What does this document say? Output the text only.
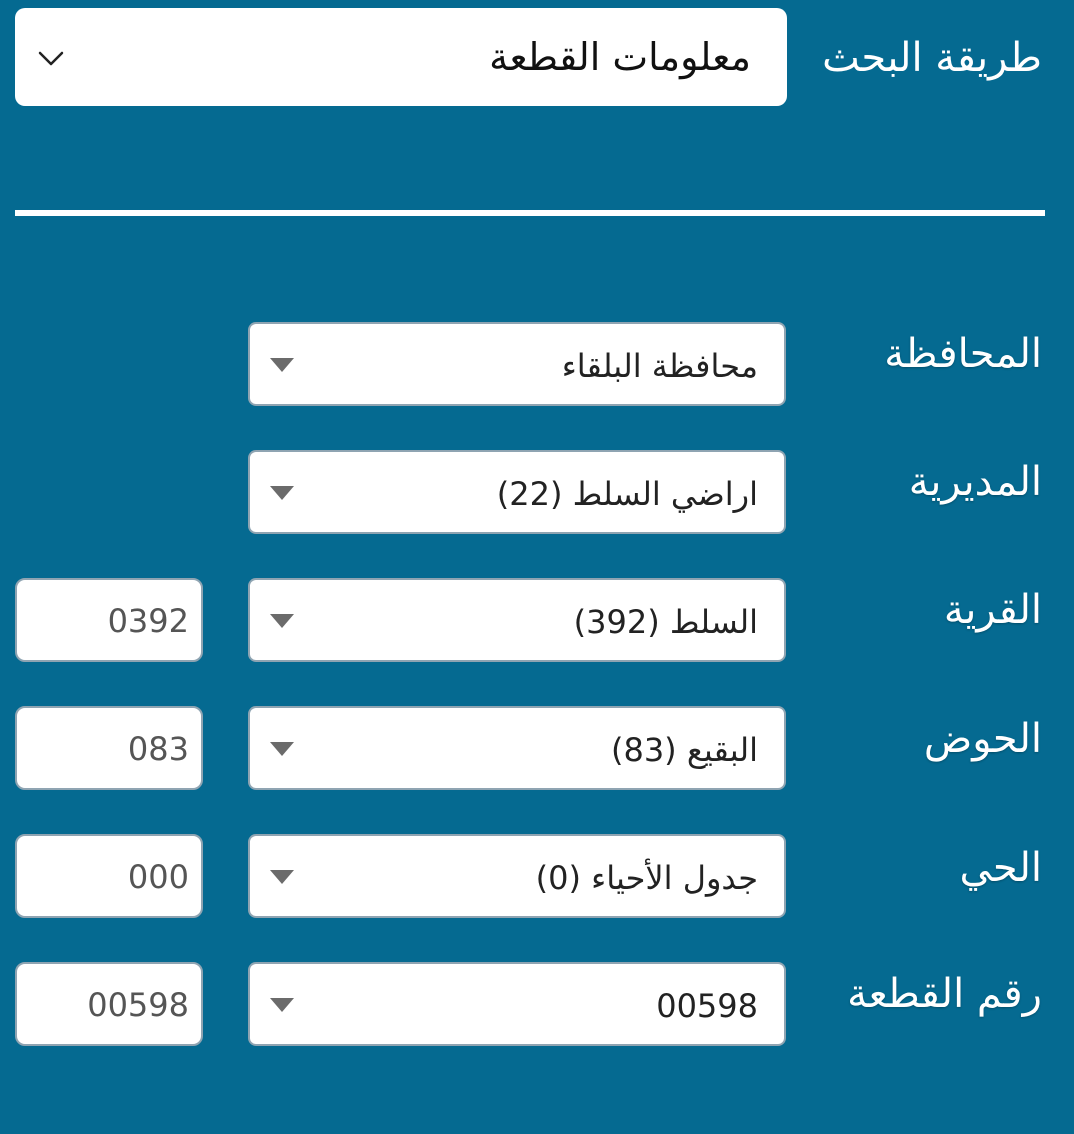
طريقة البحث
معلومات القطعة
المحافظة
محافظة البلقاء
المديرية
اراضي السلط (22)
القرية
السلط (392)
0392
الحوض
البقيع (83)
083
الحي
جدول الأحياء (0)
000
رقم القطعة
00598
00598
